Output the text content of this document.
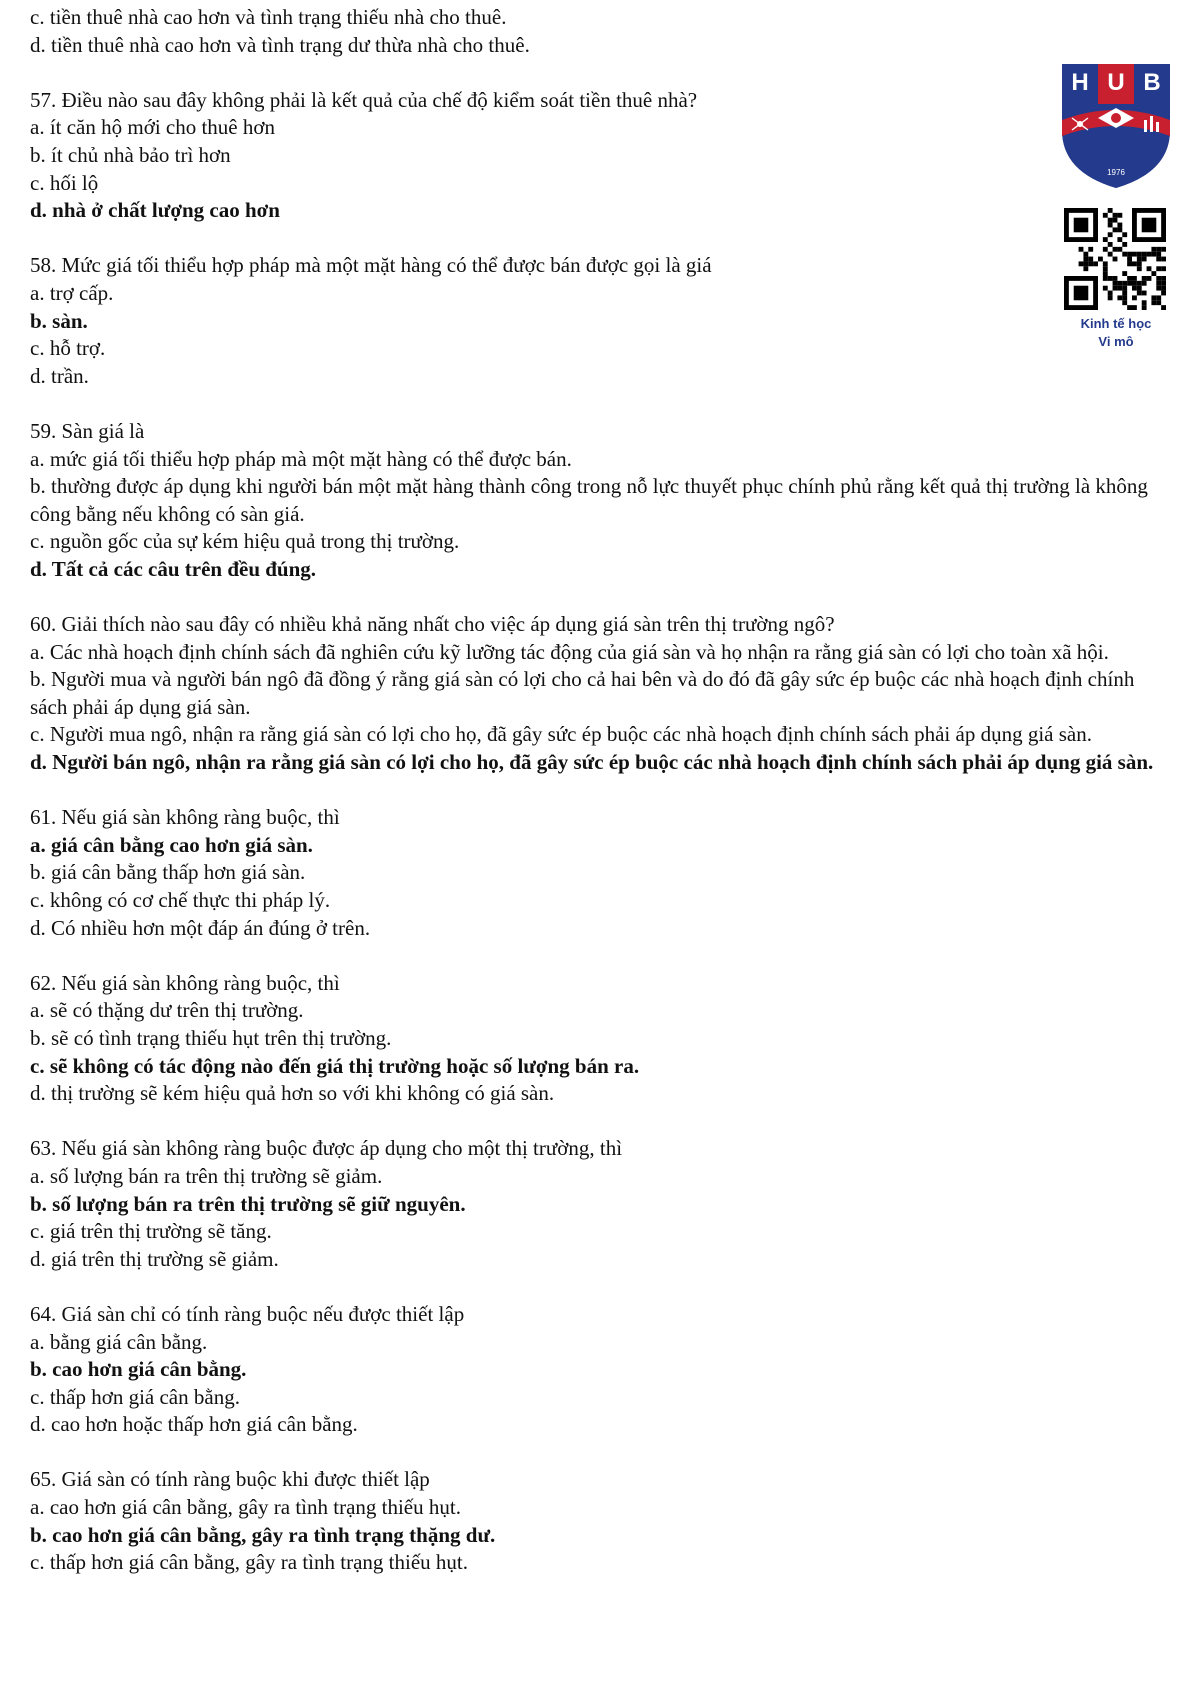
c. tiền thuê nhà cao hơn và tình trạng thiếu nhà cho thuê.
d. tiền thuê nhà cao hơn và tình trạng dư thừa nhà cho thuê.
57. Điều nào sau đây không phải là kết quả của chế độ kiểm soát tiền thuê nhà?
a. ít căn hộ mới cho thuê hơn
b. ít chủ nhà bảo trì hơn
c. hối lộ
d. nhà ở chất lượng cao hơn
58. Mức giá tối thiểu hợp pháp mà một mặt hàng có thể được bán được gọi là giá
a. trợ cấp.
b. sàn.
c. hỗ trợ.
d. trần.
59. Sàn giá là
a. mức giá tối thiểu hợp pháp mà một mặt hàng có thể được bán.
b. thường được áp dụng khi người bán một mặt hàng thành công trong nỗ lực thuyết phục chính phủ rằng kết quả thị trường là không công bằng nếu không có sàn giá.
c. nguồn gốc của sự kém hiệu quả trong thị trường.
d. Tất cả các câu trên đều đúng.
60. Giải thích nào sau đây có nhiều khả năng nhất cho việc áp dụng giá sàn trên thị trường ngô?
a. Các nhà hoạch định chính sách đã nghiên cứu kỹ lưỡng tác động của giá sàn và họ nhận ra rằng giá sàn có lợi cho toàn xã hội.
b. Người mua và người bán ngô đã đồng ý rằng giá sàn có lợi cho cả hai bên và do đó đã gây sức ép buộc các nhà hoạch định chính sách phải áp dụng giá sàn.
c. Người mua ngô, nhận ra rằng giá sàn có lợi cho họ, đã gây sức ép buộc các nhà hoạch định chính sách phải áp dụng giá sàn.
d. Người bán ngô, nhận ra rằng giá sàn có lợi cho họ, đã gây sức ép buộc các nhà hoạch định chính sách phải áp dụng giá sàn.
61. Nếu giá sàn không ràng buộc, thì
a. giá cân bằng cao hơn giá sàn.
b. giá cân bằng thấp hơn giá sàn.
c. không có cơ chế thực thi pháp lý.
d. Có nhiều hơn một đáp án đúng ở trên.
62. Nếu giá sàn không ràng buộc, thì
a. sẽ có thặng dư trên thị trường.
b. sẽ có tình trạng thiếu hụt trên thị trường.
c. sẽ không có tác động nào đến giá thị trường hoặc số lượng bán ra.
d. thị trường sẽ kém hiệu quả hơn so với khi không có giá sàn.
63. Nếu giá sàn không ràng buộc được áp dụng cho một thị trường, thì
a. số lượng bán ra trên thị trường sẽ giảm.
b. số lượng bán ra trên thị trường sẽ giữ nguyên.
c. giá trên thị trường sẽ tăng.
d. giá trên thị trường sẽ giảm.
64. Giá sàn chỉ có tính ràng buộc nếu được thiết lập
a. bằng giá cân bằng.
b. cao hơn giá cân bằng.
c. thấp hơn giá cân bằng.
d. cao hơn hoặc thấp hơn giá cân bằng.
65. Giá sàn có tính ràng buộc khi được thiết lập
a. cao hơn giá cân bằng, gây ra tình trạng thiếu hụt.
b. cao hơn giá cân bằng, gây ra tình trạng thặng dư.
c. thấp hơn giá cân bằng, gây ra tình trạng thiếu hụt.
H U B
1976
Kinh tế học
Vi mô
